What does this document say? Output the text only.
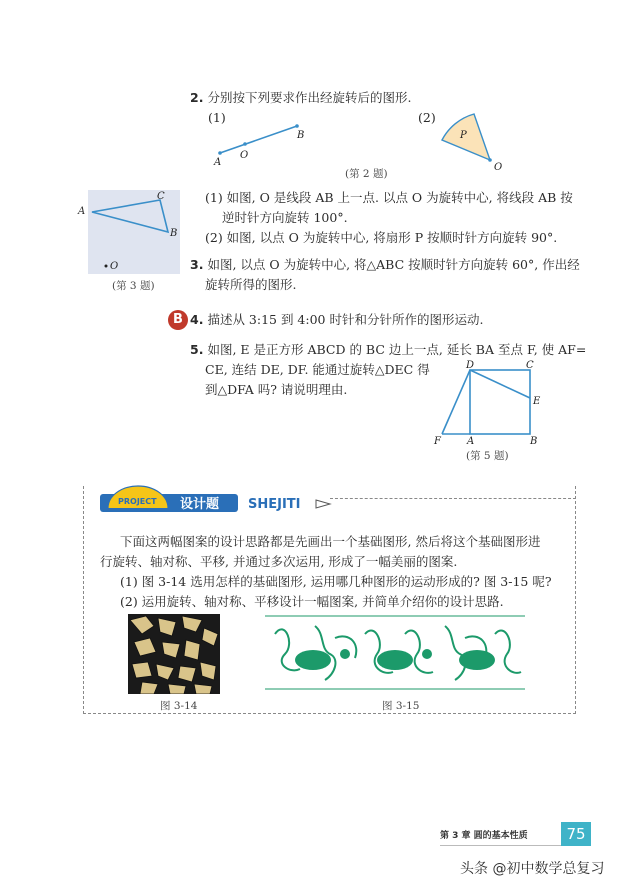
2. 分别按下列要求作出经旋转后的图形.
(1)	(2)
A
O
B	P
O
(第 2 题)
(1) 如图, O 是线段 AB 上一点. 以点 O 为旋转中心, 将线段 AB 按
逆时针方向旋转 100°.
(2) 如图, 以点 O 为旋转中心, 将扇形 P 按顺时针方向旋转 90°.
O
C
B
A
(第 3 题)
3. 如图, 以点 O 为旋转中心, 将△ABC 按顺时针方向旋转 60°, 作出经
旋转所得的图形.
B 4. 描述从 3:15 到 4:00 时针和分针所作的图形运动.
5. 如图, E 是正方形 ABCD 的 BC 边上一点, 延长 BA 至点 F, 使 AF=
CE, 连结 DE, DF. 能通过旋转△DEC 得
到△DFA 吗? 请说明理由.
D	C
E
F	A	B
(第 5 题)
PROJECT 设计题 SHEJITI
下面这两幅图案的设计思路都是先画出一个基础图形, 然后将这个基础图形进
行旋转、轴对称、平移, 并通过多次运用, 形成了一幅美丽的图案.
(1) 图 3-14 选用怎样的基础图形, 运用哪几种图形的运动形成的? 图 3-15 呢?
(2) 运用旋转、轴对称、平移设计一幅图案, 并简单介绍你的设计思路.
图 3-14	图 3-15
第 3 章 圆的基本性质	75
头条 @初中数学总复习
